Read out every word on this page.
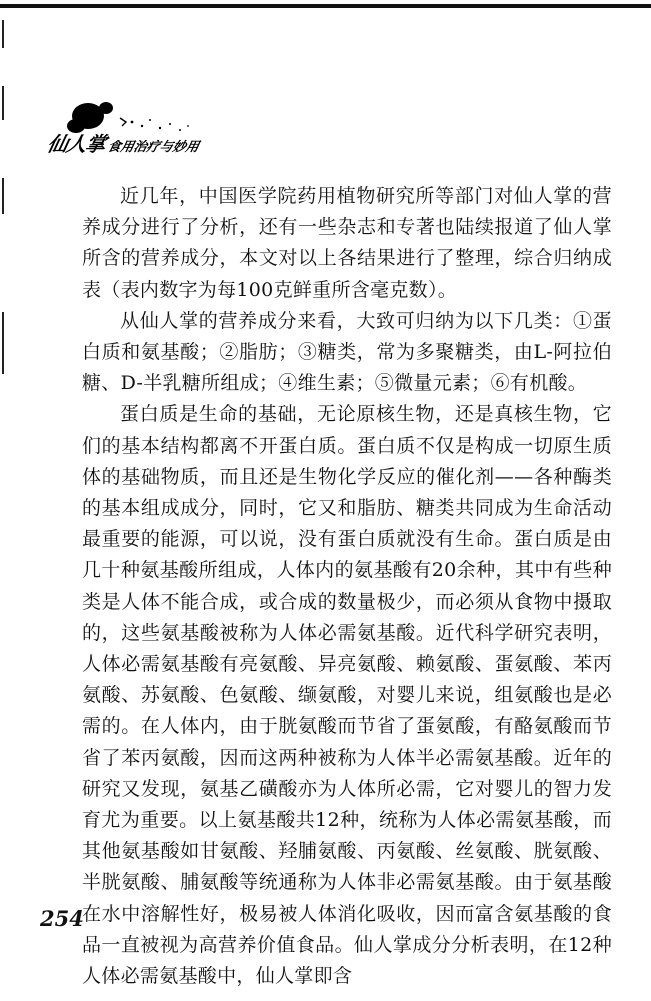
仙人掌
食用治疗与妙用

近几年，中国医学院药用植物研究所等部门对仙人掌的营养成分进行了分析，还有一些杂志和专著也陆续报道了仙人掌所含的营养成分，本文对以上各结果进行了整理，综合归纳成表（表内数字为每100克鲜重所含毫克数）。

从仙人掌的营养成分来看，大致可归纳为以下几类：①蛋白质和氨基酸；②脂肪；③糖类，常为多聚糖类，由L-阿拉伯糖、D-半乳糖所组成；④维生素；⑤微量元素；⑥有机酸。

蛋白质是生命的基础，无论原核生物，还是真核生物，它们的基本结构都离不开蛋白质。蛋白质不仅是构成一切原生质体的基础物质，而且还是生物化学反应的催化剂——各种酶类的基本组成成分，同时，它又和脂肪、糖类共同成为生命活动最重要的能源，可以说，没有蛋白质就没有生命。蛋白质是由几十种氨基酸所组成，人体内的氨基酸有20余种，其中有些种类是人体不能合成，或合成的数量极少，而必须从食物中摄取的，这些氨基酸被称为人体必需氨基酸。近代科学研究表明，人体必需氨基酸有亮氨酸、异亮氨酸、赖氨酸、蛋氨酸、苯丙氨酸、苏氨酸、色氨酸、缬氨酸，对婴儿来说，组氨酸也是必需的。在人体内，由于胱氨酸而节省了蛋氨酸，有酪氨酸而节省了苯丙氨酸，因而这两种被称为人体半必需氨基酸。近年的研究又发现，氨基乙磺酸亦为人体所必需，它对婴儿的智力发育尤为重要。以上氨基酸共12种，统称为人体必需氨基酸，而其他氨基酸如甘氨酸、羟脯氨酸、丙氨酸、丝氨酸、胱氨酸、半胱氨酸、脯氨酸等统通称为人体非必需氨基酸。由于氨基酸在水中溶解性好，极易被人体消化吸收，因而富含氨基酸的食品一直被视为高营养价值食品。仙人掌成分分析表明，在12种人体必需氨基酸中，仙人掌即含

254
